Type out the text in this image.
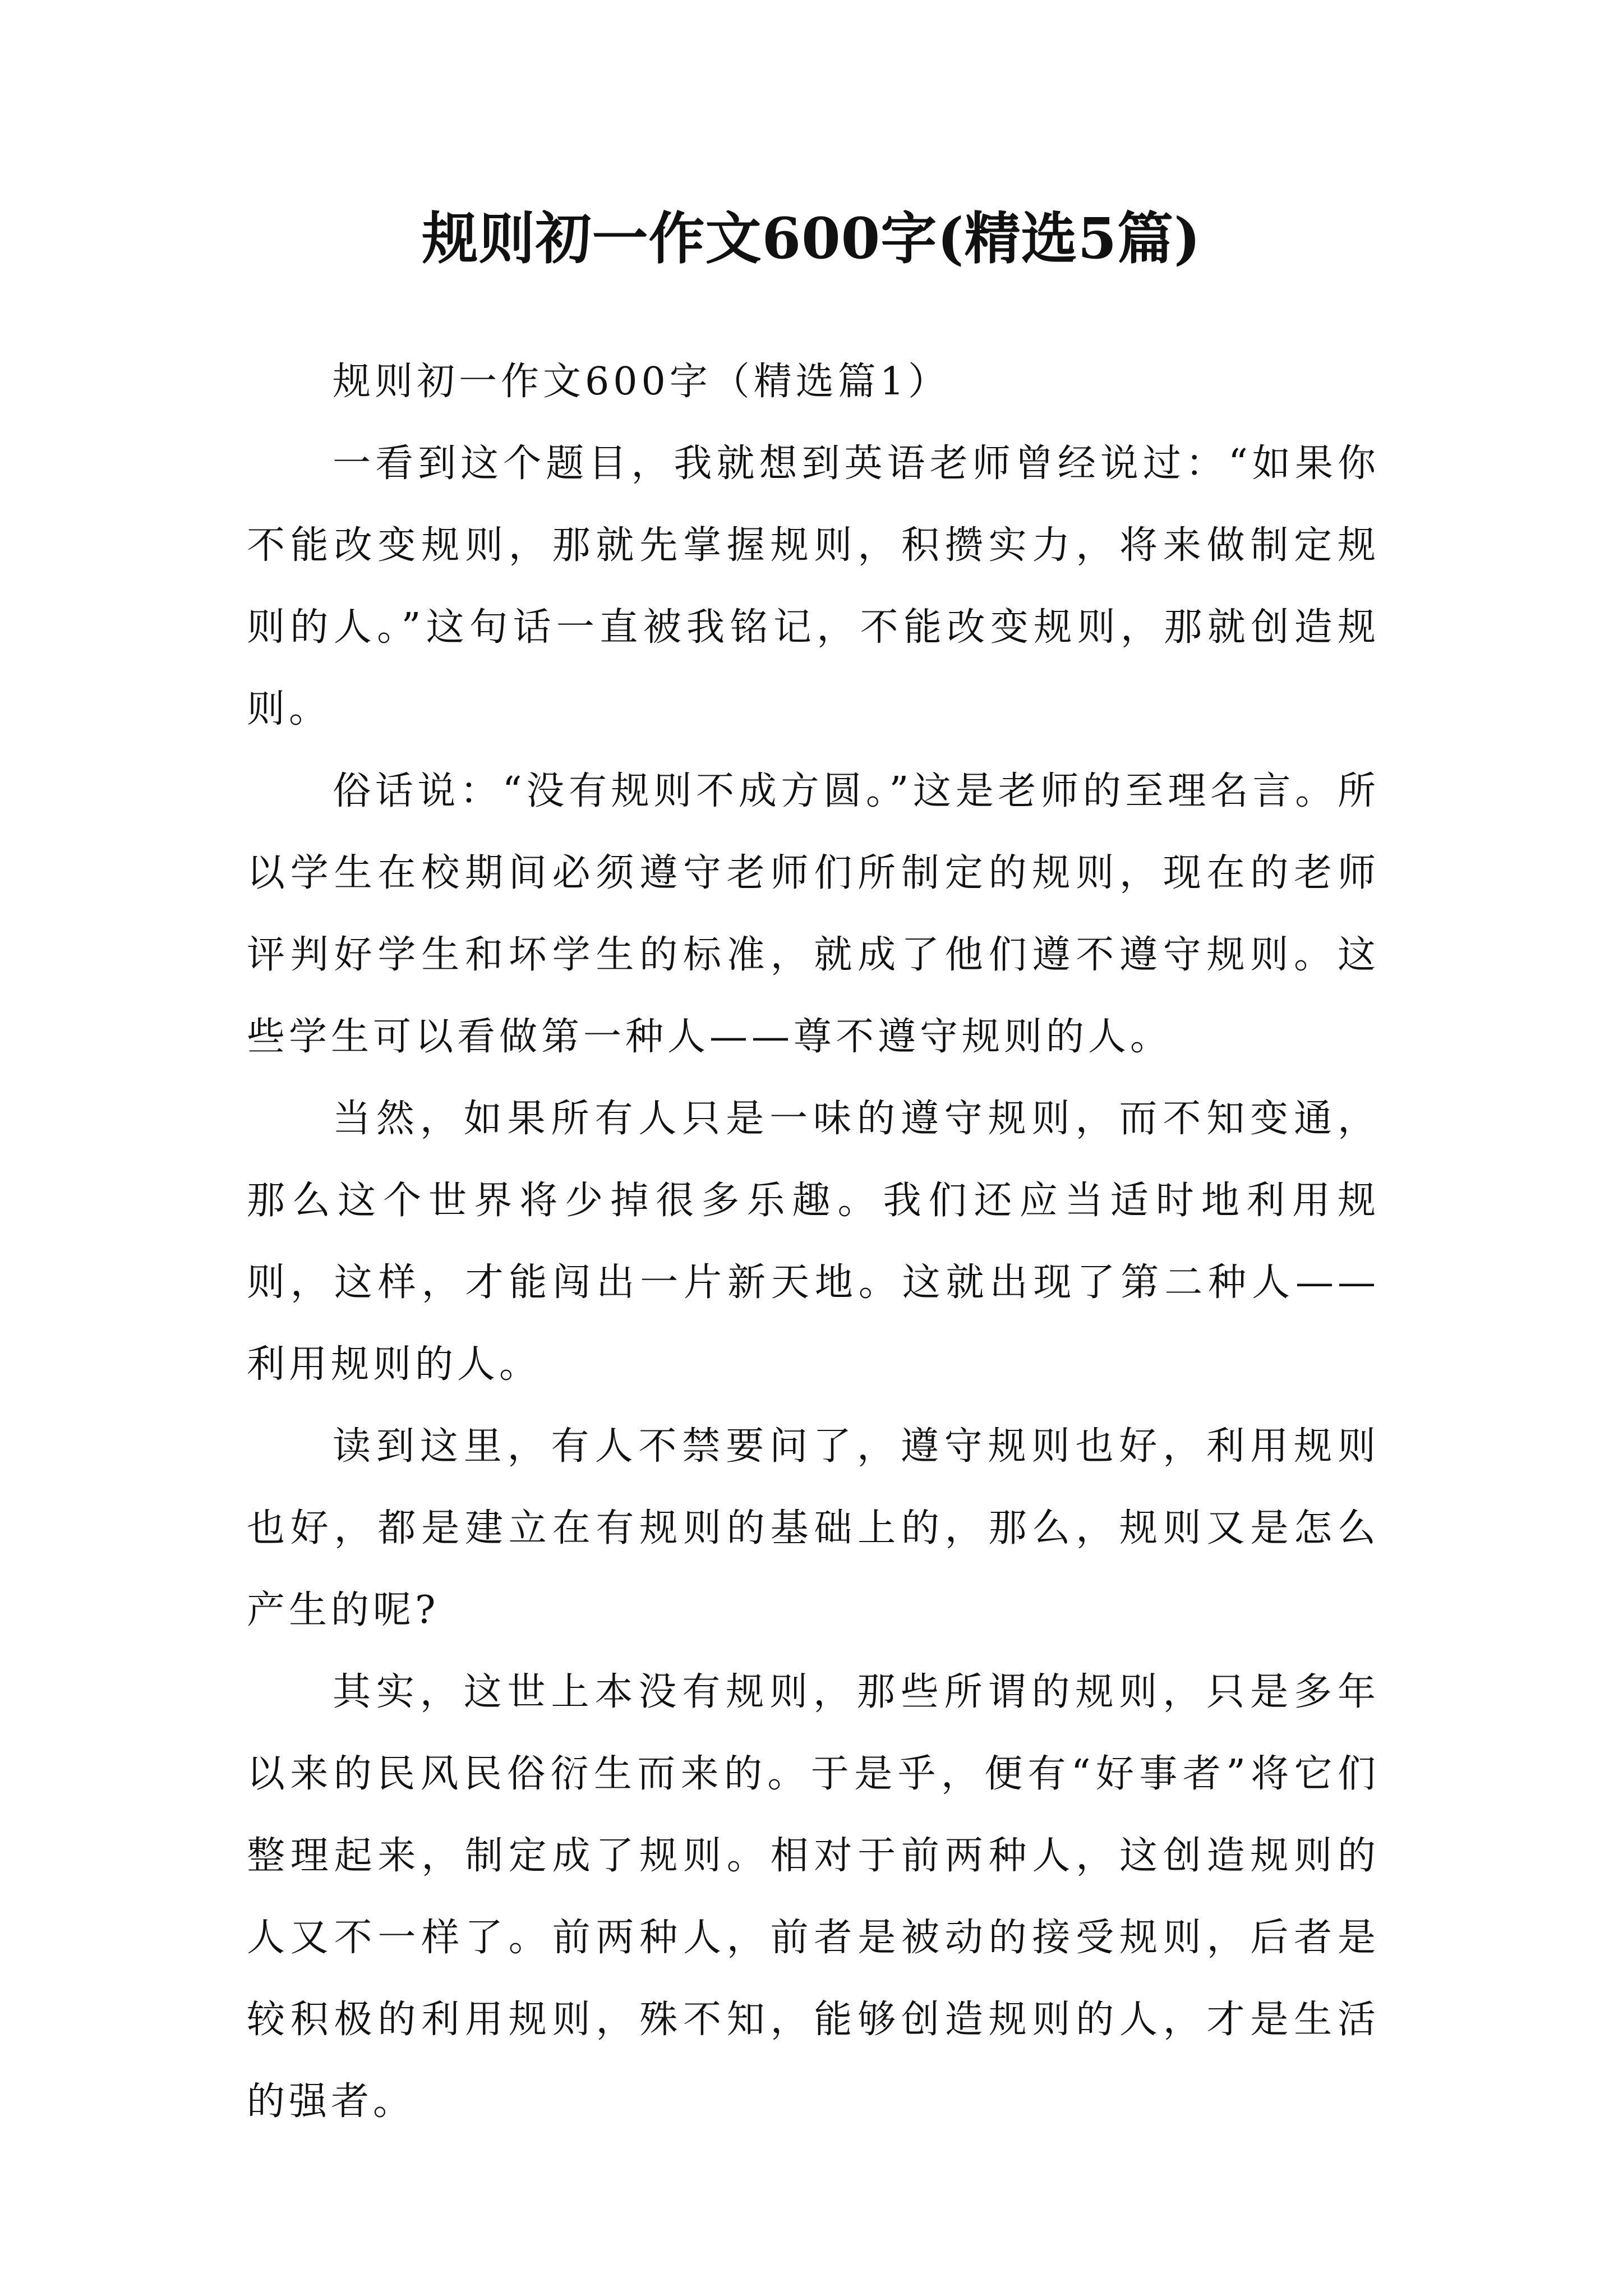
规则初一作文600字(精选5篇)

规则初一作文600字（精选篇1）

一看到这个题目，我就想到英语老师曾经说过：“如果你不能改变规则，那就先掌握规则，积攒实力，将来做制定规则的人。”这句话一直被我铭记，不能改变规则，那就创造规则。

俗话说：“没有规则不成方圆。”这是老师的至理名言。所以学生在校期间必须遵守老师们所制定的规则，现在的老师评判好学生和坏学生的标准，就成了他们遵不遵守规则。这些学生可以看做第一种人——尊不遵守规则的人。

当然，如果所有人只是一味的遵守规则，而不知变通，那么这个世界将少掉很多乐趣。我们还应当适时地利用规则，这样，才能闯出一片新天地。这就出现了第二种人——利用规则的人。

读到这里，有人不禁要问了，遵守规则也好，利用规则也好，都是建立在有规则的基础上的，那么，规则又是怎么产生的呢?

其实，这世上本没有规则，那些所谓的规则，只是多年以来的民风民俗衍生而来的。于是乎，便有“好事者”将它们整理起来，制定成了规则。相对于前两种人，这创造规则的人又不一样了。前两种人，前者是被动的接受规则，后者是较积极的利用规则，殊不知，能够创造规则的人，才是生活的强者。
